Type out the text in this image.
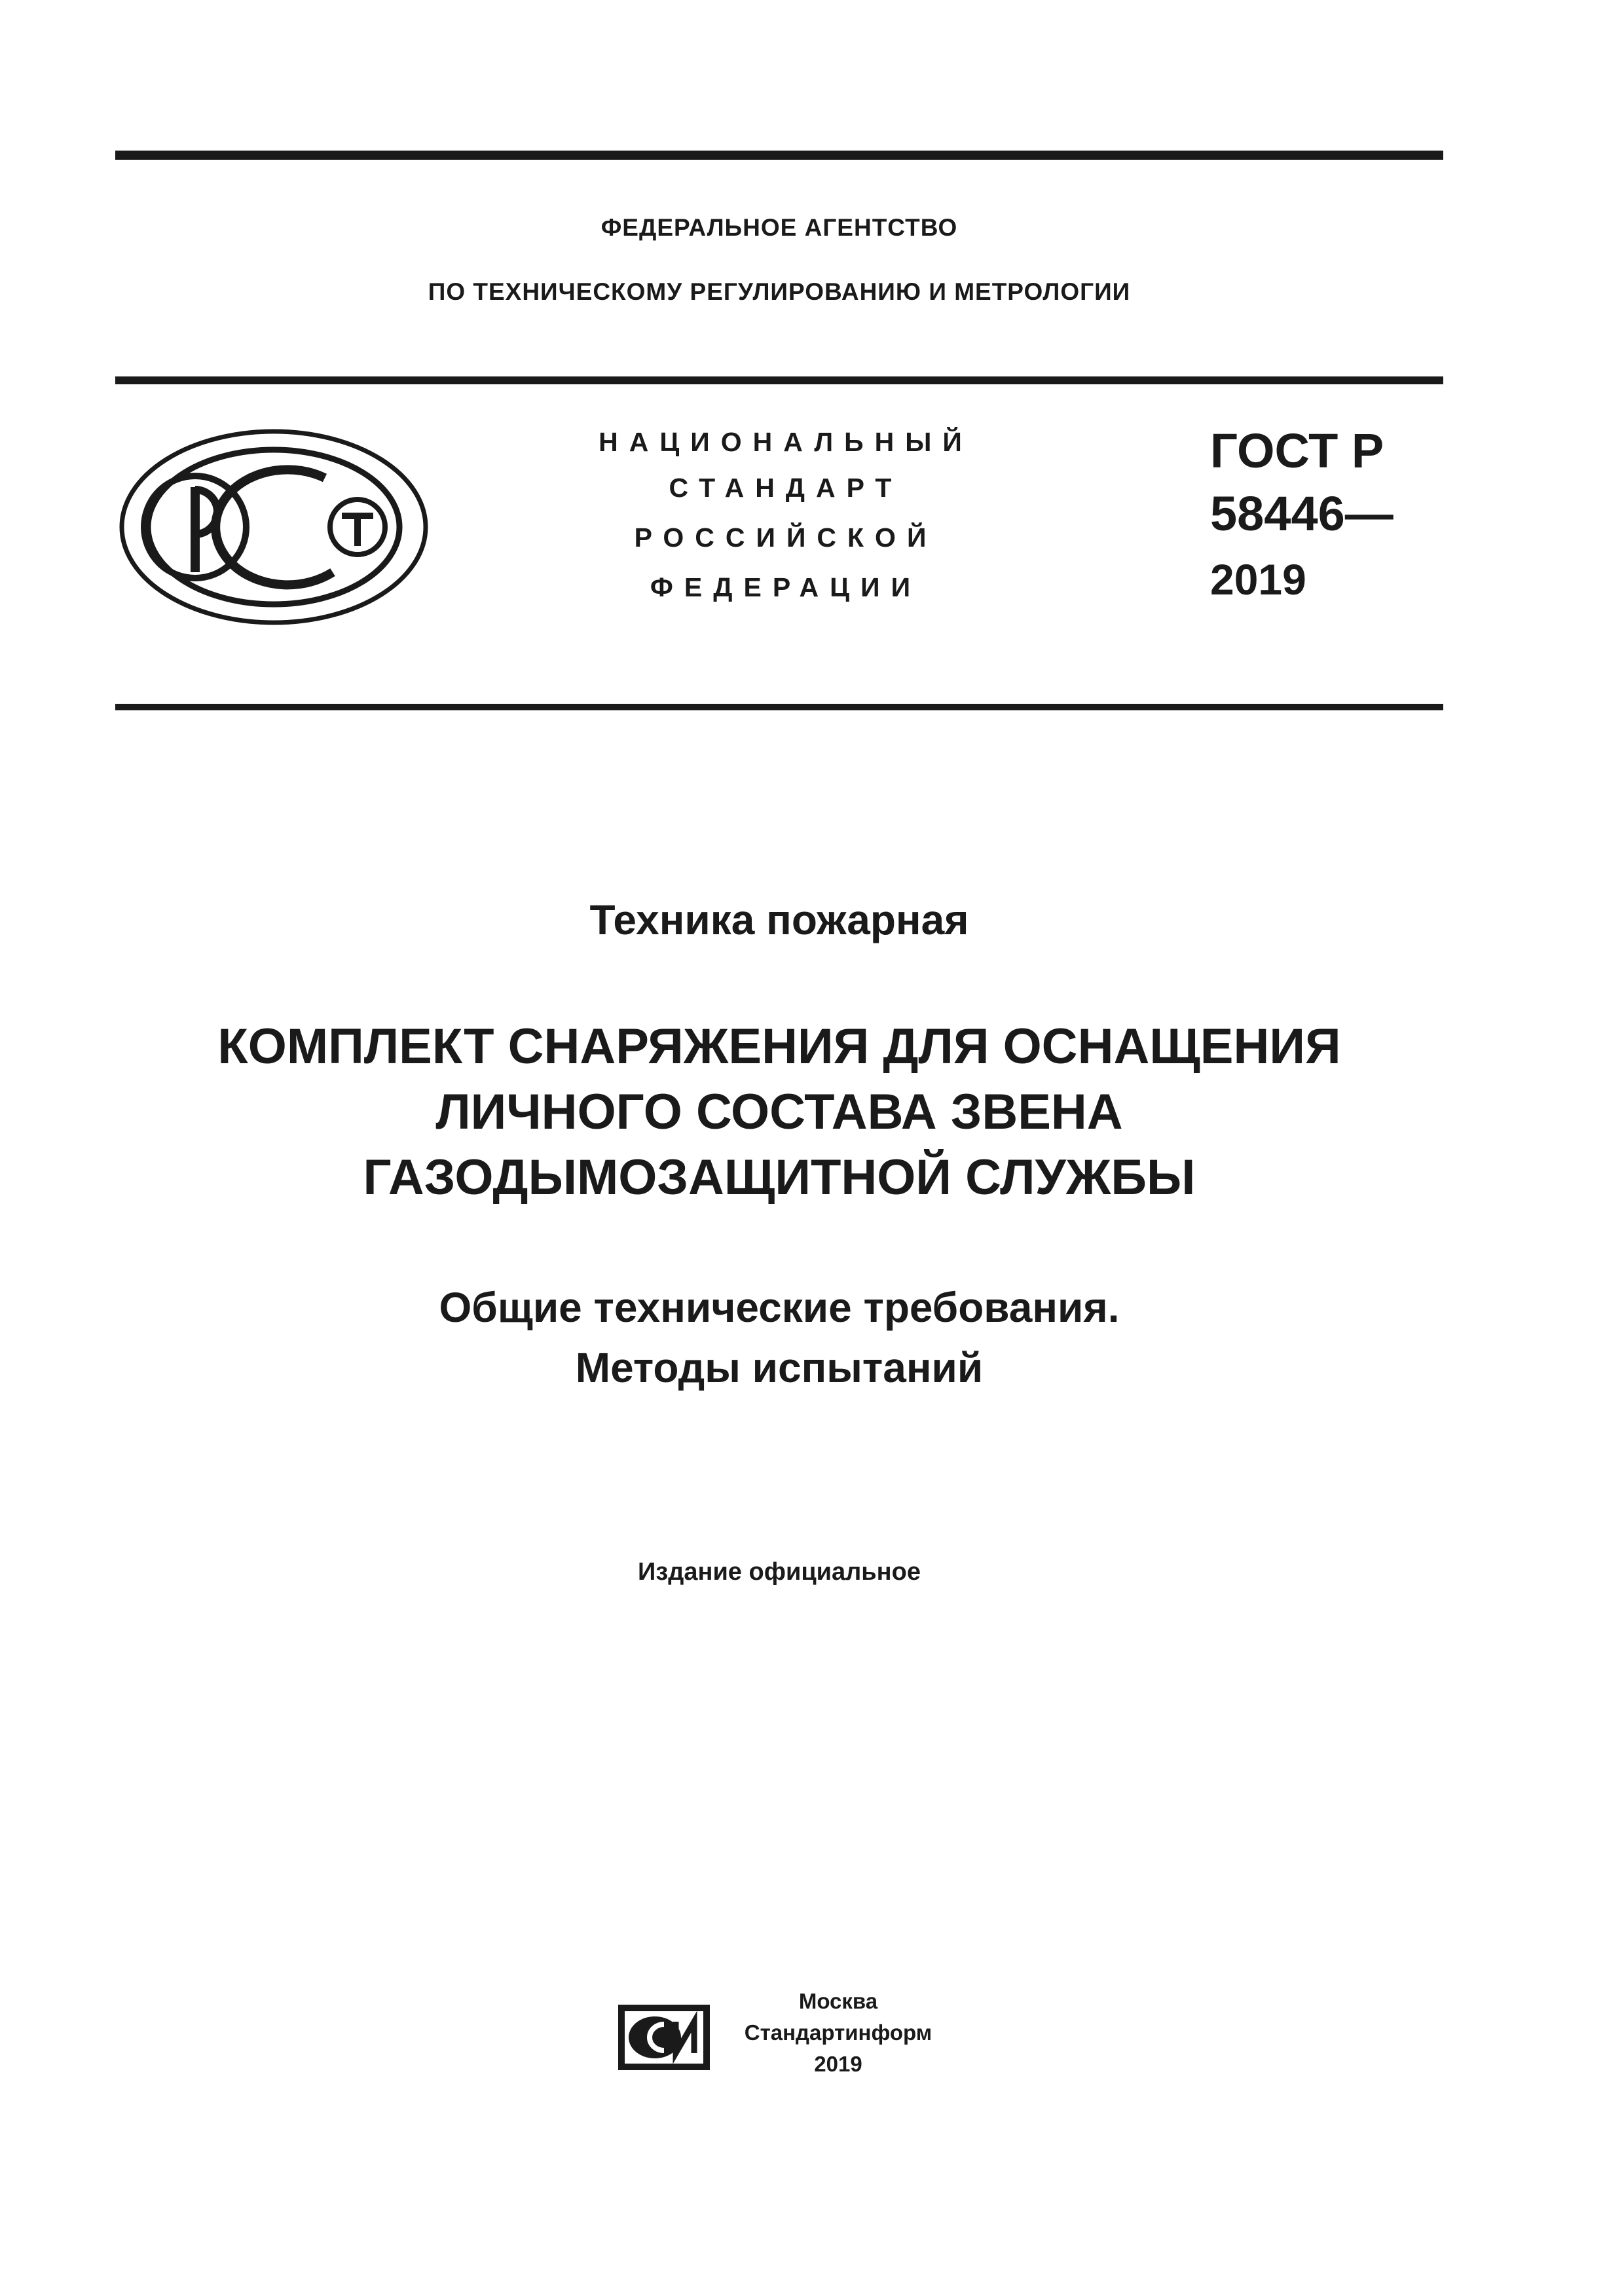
ФЕДЕРАЛЬНОЕ АГЕНТСТВО
ПО ТЕХНИЧЕСКОМУ РЕГУЛИРОВАНИЮ И МЕТРОЛОГИИ
НАЦИОНАЛЬНЫЙ
СТАНДАРТ
РОССИЙСКОЙ
ФЕДЕРАЦИИ
ГОСТ Р
58446—
2019
Техника пожарная
КОМПЛЕКТ СНАРЯЖЕНИЯ ДЛЯ ОСНАЩЕНИЯ
ЛИЧНОГО СОСТАВА ЗВЕНА
ГАЗОДЫМОЗАЩИТНОЙ СЛУЖБЫ
Общие технические требования.
Методы испытаний
Издание официальное
Москва
Стандартинформ
2019
